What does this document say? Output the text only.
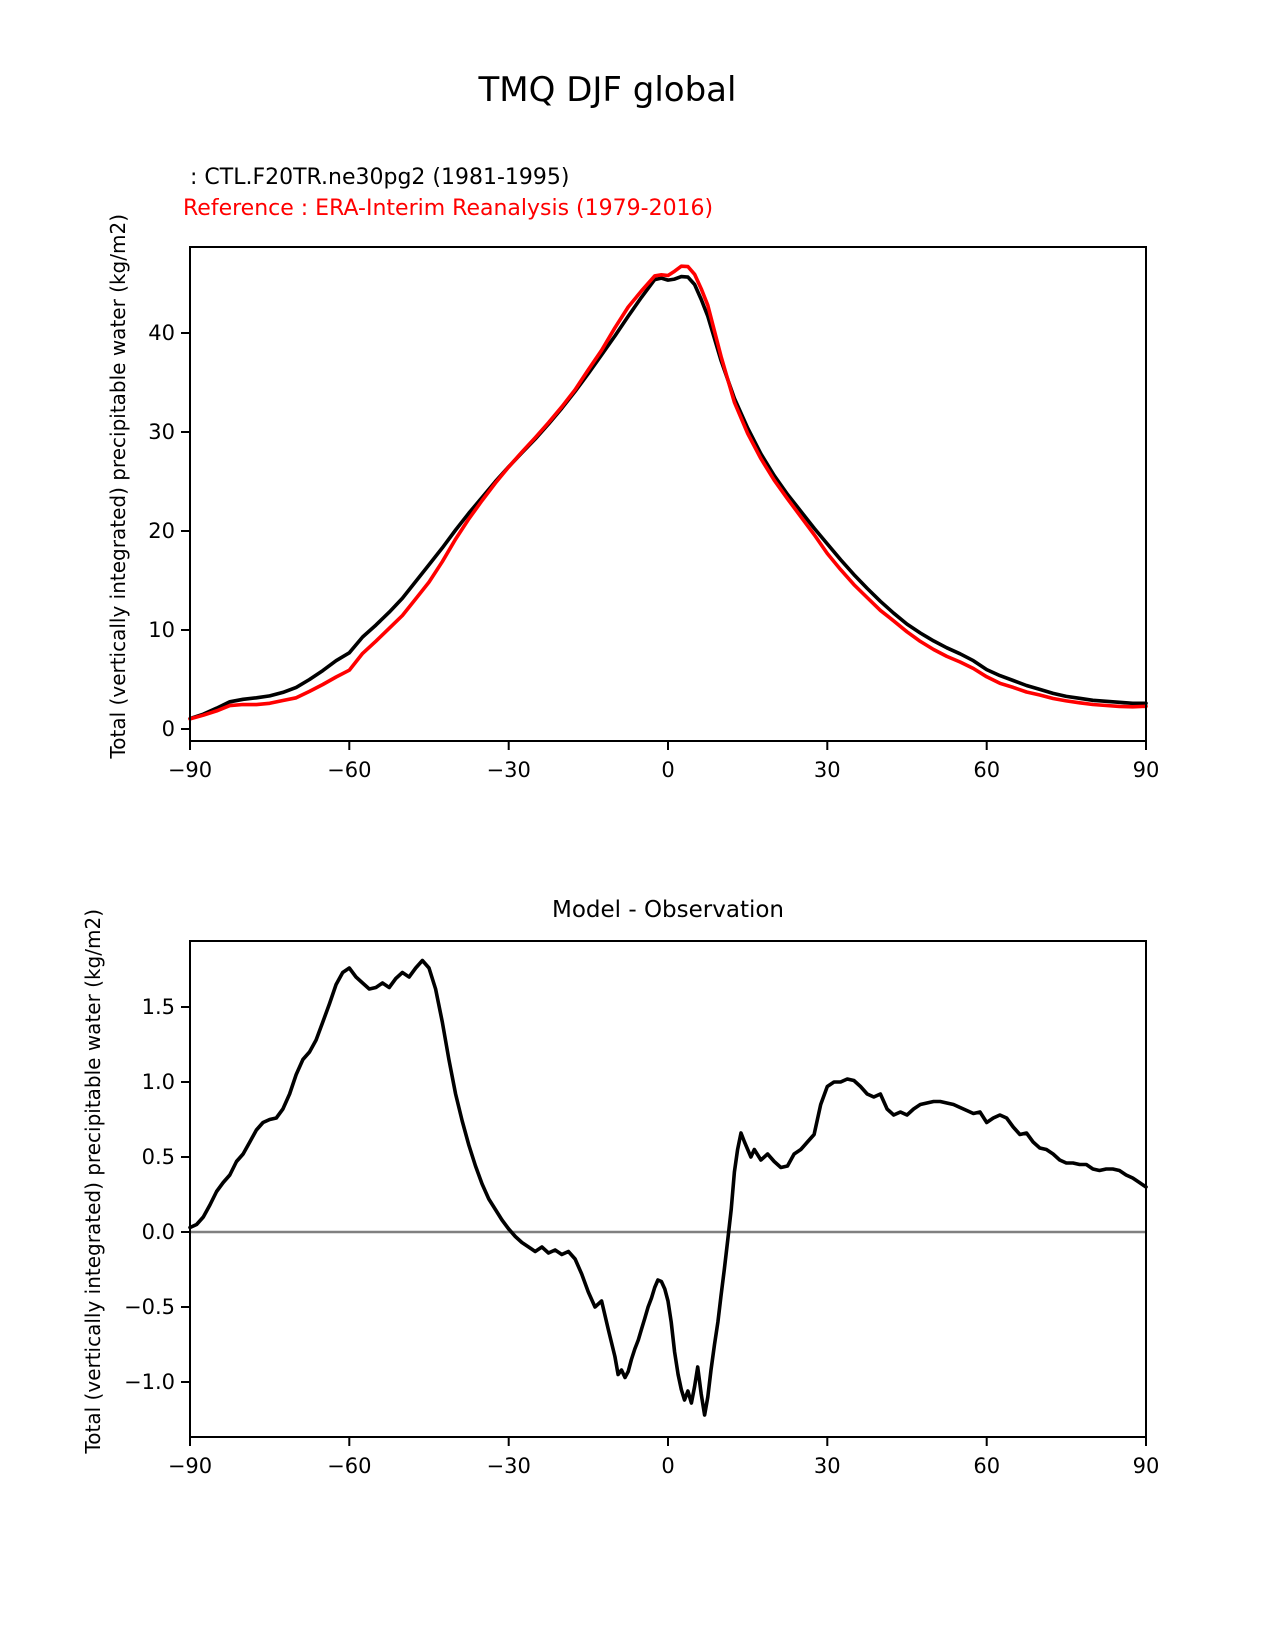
TMQ DJF global
: CTL.F20TR.ne30pg2 (1981-1995)
Reference : ERA-Interim Reanalysis (1979-2016)
Total (vertically integrated) precipitable water (kg/m2)
Total (vertically integrated) precipitable water (kg/m2)	Model - Observation
−90	−60	−30	0	30	60	90
0
10
20
30
40
−90	−60	−30	0	30	60	90
1.5
1.0
0.5
0.0
−0.5
−1.0
